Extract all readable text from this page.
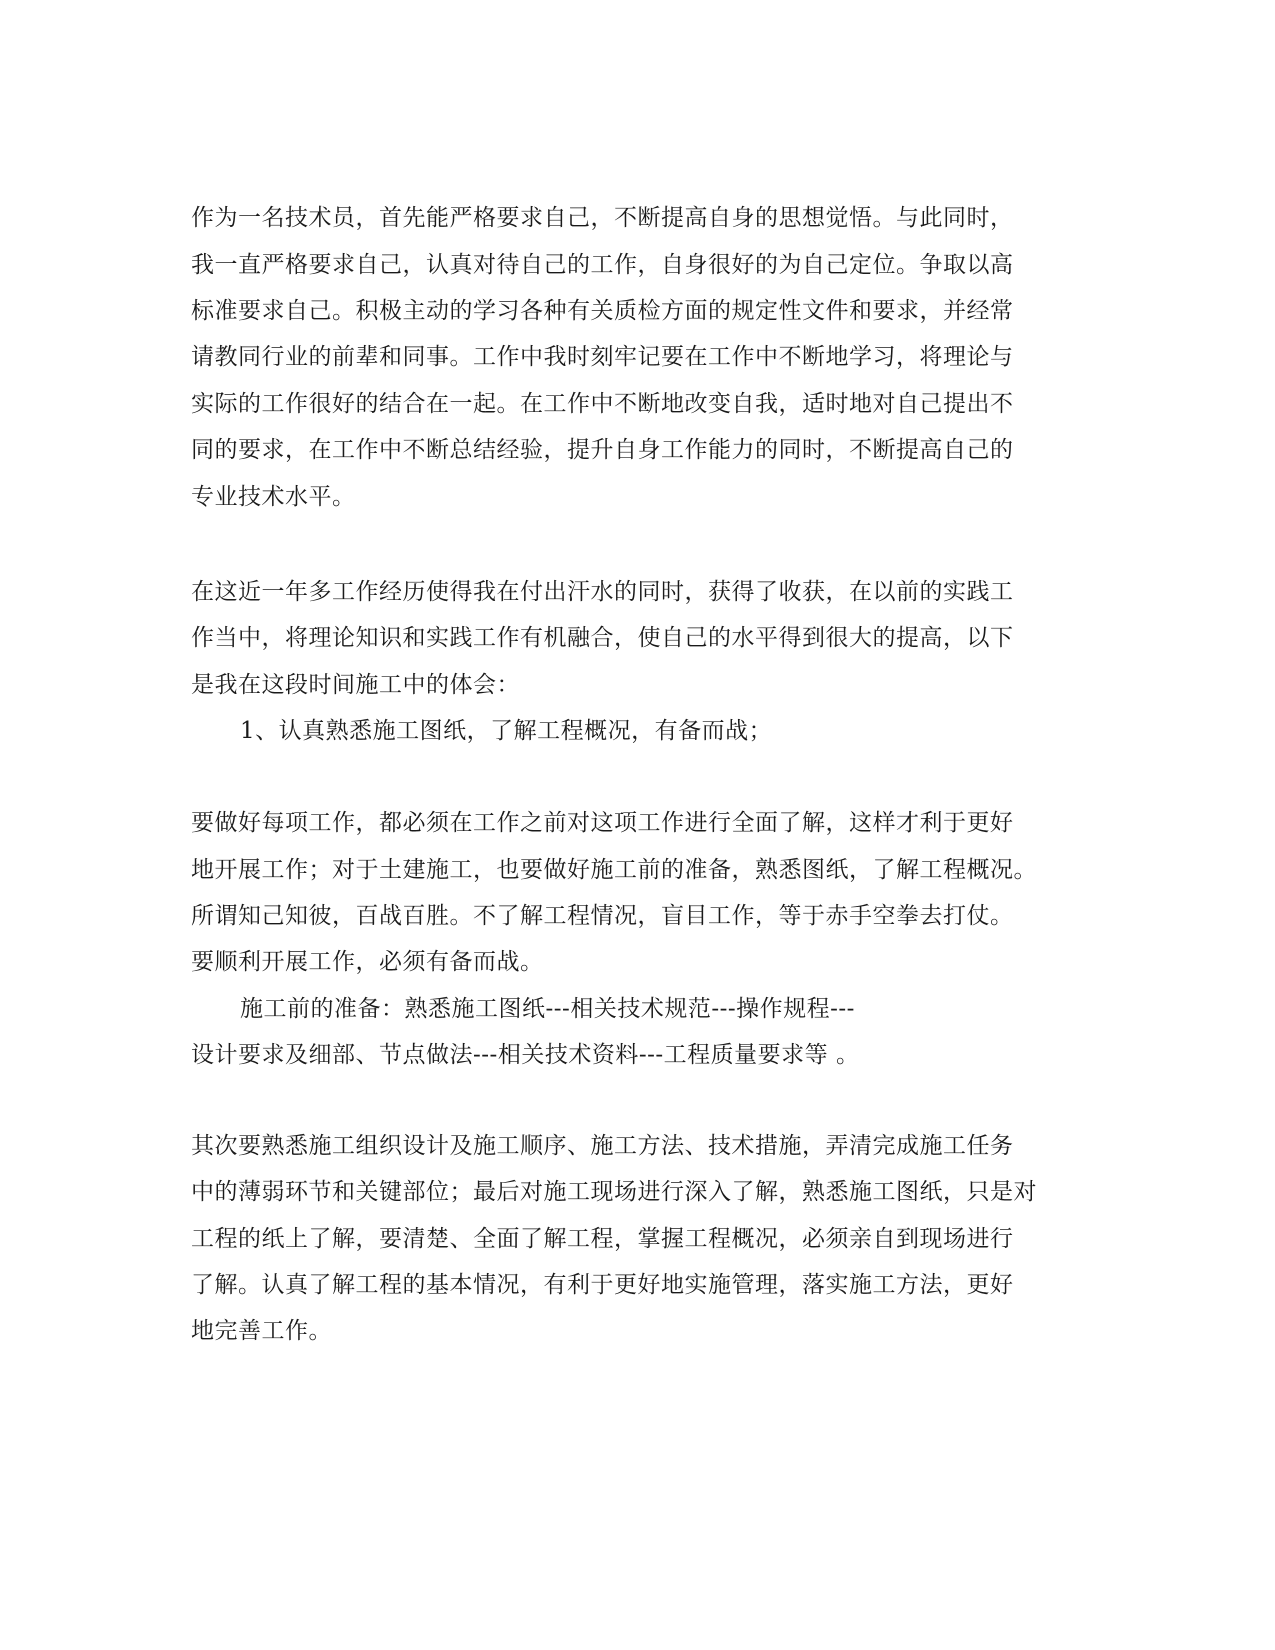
作为一名技术员，首先能严格要求自己，不断提高自身的思想觉悟。与此同时，
我一直严格要求自己，认真对待自己的工作，自身很好的为自己定位。争取以高
标准要求自己。积极主动的学习各种有关质检方面的规定性文件和要求，并经常
请教同行业的前辈和同事。工作中我时刻牢记要在工作中不断地学习，将理论与
实际的工作很好的结合在一起。在工作中不断地改变自我，适时地对自己提出不
同的要求，在工作中不断总结经验，提升自身工作能力的同时，不断提高自己的
专业技术水平。
在这近一年多工作经历使得我在付出汗水的同时，获得了收获，在以前的实践工
作当中，将理论知识和实践工作有机融合，使自己的水平得到很大的提高，以下
是我在这段时间施工中的体会：
1、认真熟悉施工图纸，了解工程概况，有备而战；
要做好每项工作，都必须在工作之前对这项工作进行全面了解，这样才利于更好
地开展工作；对于土建施工，也要做好施工前的准备，熟悉图纸，了解工程概况。
所谓知己知彼，百战百胜。不了解工程情况，盲目工作，等于赤手空拳去打仗。
要顺利开展工作，必须有备而战。
施工前的准备：熟悉施工图纸---相关技术规范---操作规程---
设计要求及细部、节点做法---相关技术资料---工程质量要求等 。
其次要熟悉施工组织设计及施工顺序、施工方法、技术措施，弄清完成施工任务
中的薄弱环节和关键部位；最后对施工现场进行深入了解，熟悉施工图纸，只是对
工程的纸上了解，要清楚、全面了解工程，掌握工程概况，必须亲自到现场进行
了解。认真了解工程的基本情况，有利于更好地实施管理，落实施工方法，更好
地完善工作。
